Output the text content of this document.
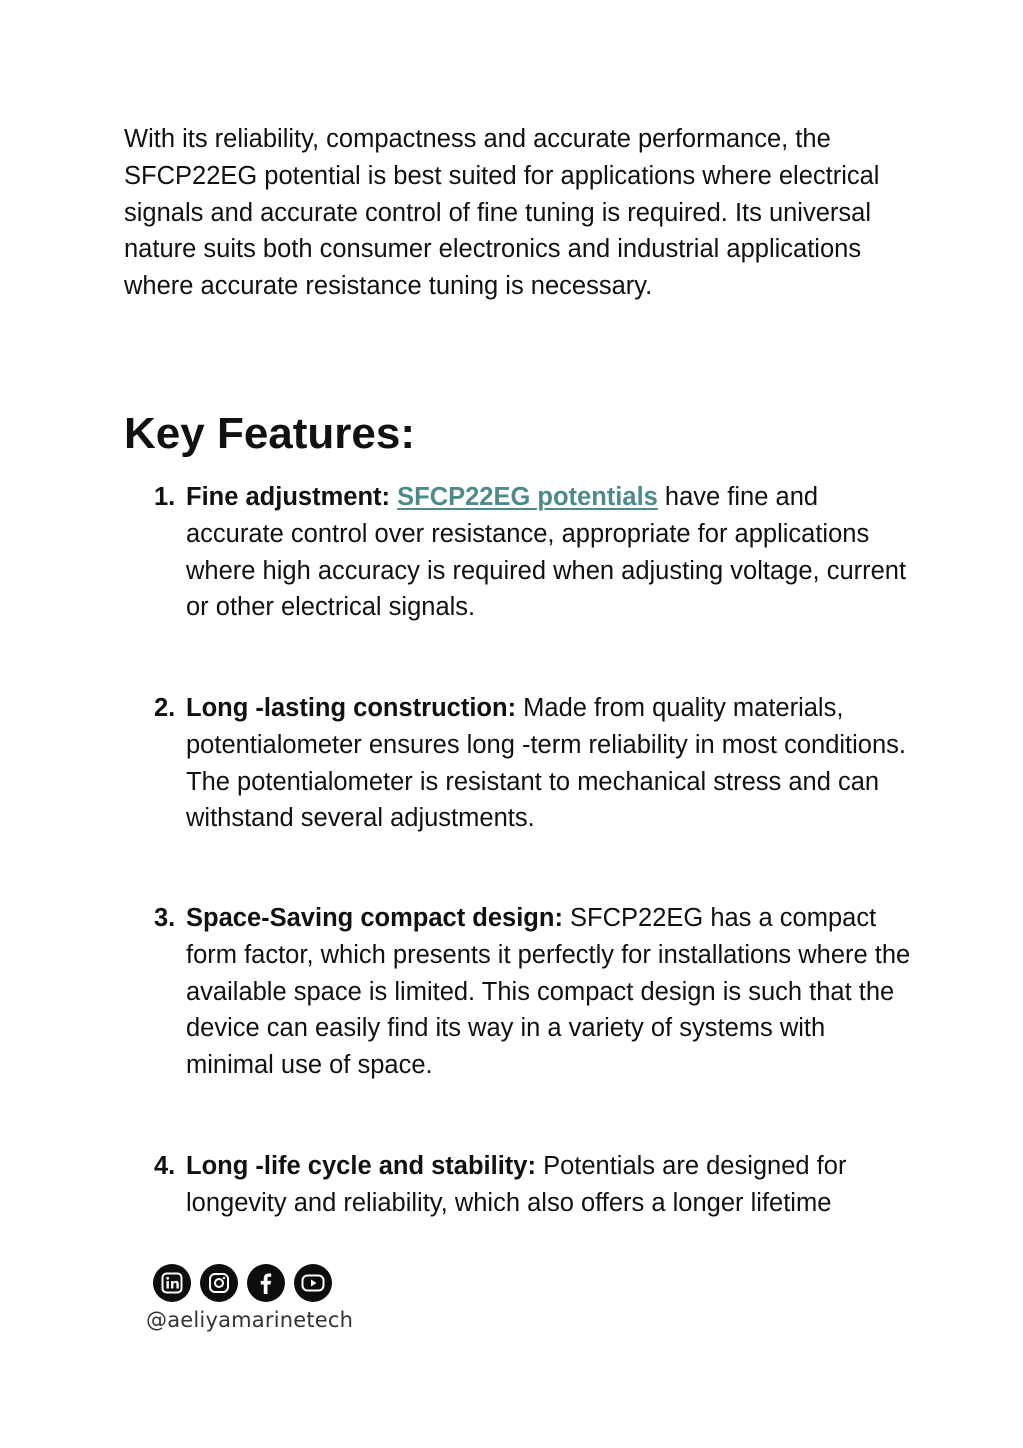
With its reliability, compactness and accurate performance, the SFCP22EG potential is best suited for applications where electrical signals and accurate control of fine tuning is required. Its universal nature suits both consumer electronics and industrial applications where accurate resistance tuning is necessary.

Key Features:
1. Fine adjustment: SFCP22EG potentials have fine and accurate control over resistance, appropriate for applications where high accuracy is required when adjusting voltage, current or other electrical signals.
2. Long -lasting construction: Made from quality materials, potentialometer ensures long -term reliability in most conditions. The potentialometer is resistant to mechanical stress and can withstand several adjustments.
3. Space-Saving compact design: SFCP22EG has a compact form factor, which presents it perfectly for installations where the available space is limited. This compact design is such that the device can easily find its way in a variety of systems with minimal use of space.
4. Long -life cycle and stability: Potentials are designed for longevity and reliability, which also offers a longer lifetime
@aeliyamarinetech
